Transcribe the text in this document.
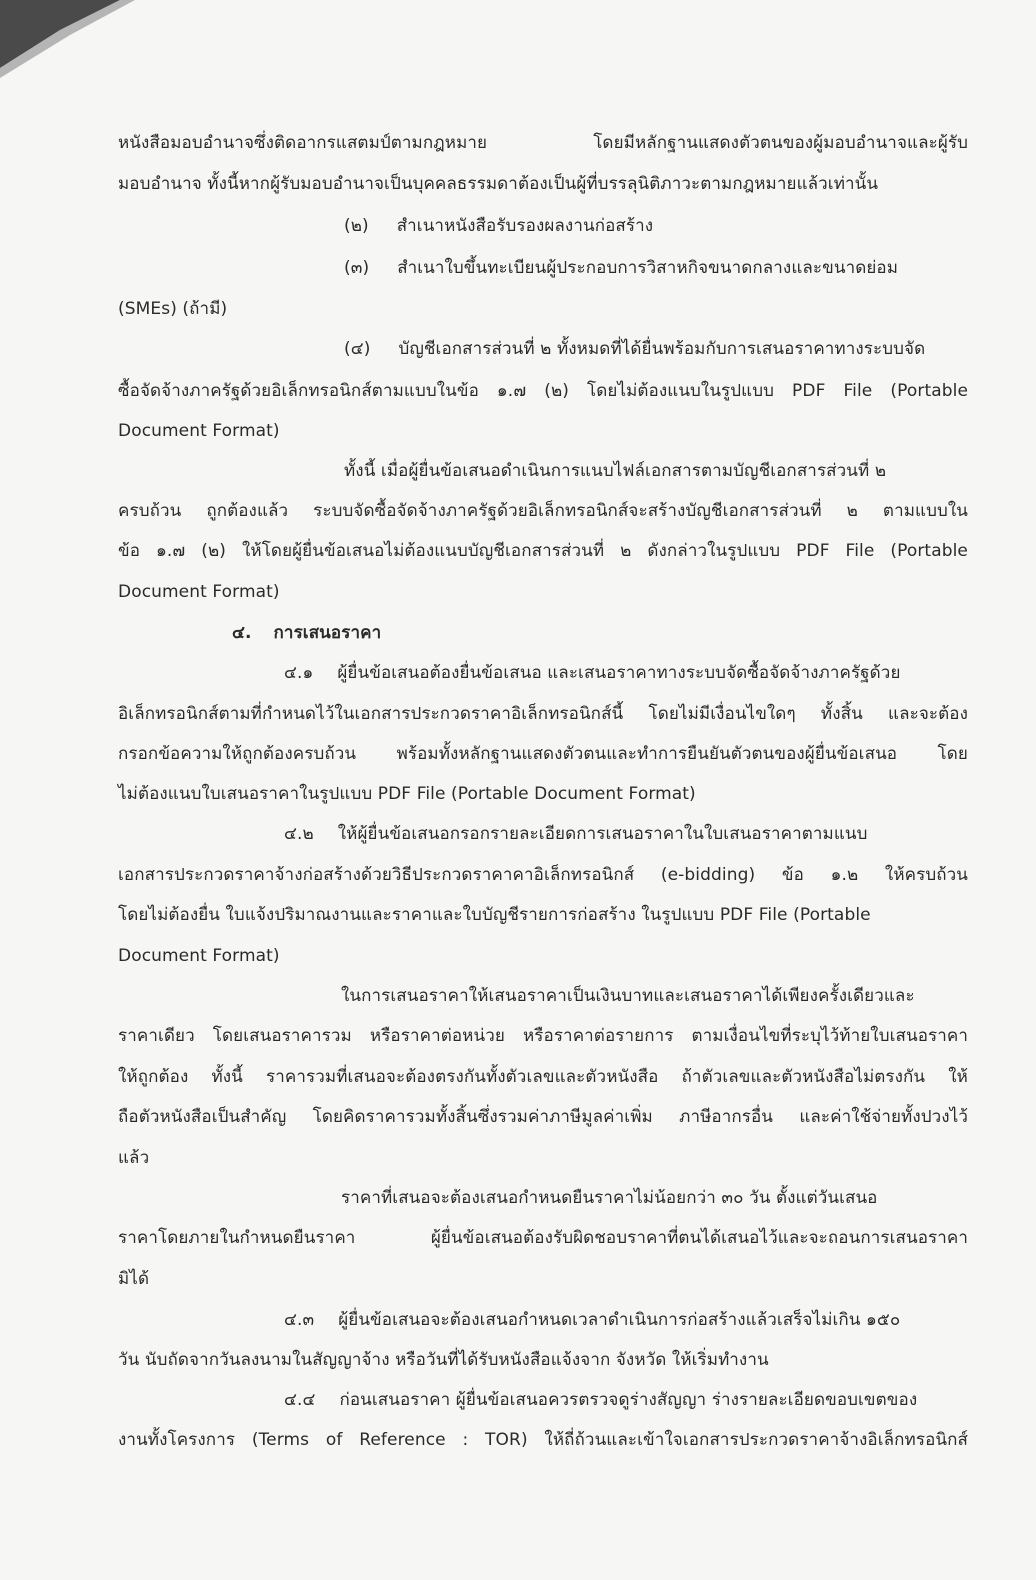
หนังสือมอบอำนาจซึ่งติดอากรแสตมป์ตามกฎหมาย โดยมีหลักฐานแสดงตัวตนของผู้มอบอำนาจและผู้รับ
มอบอำนาจ ทั้งนี้หากผู้รับมอบอำนาจเป็นบุคคลธรรมดาต้องเป็นผู้ที่บรรลุนิติภาวะตามกฎหมายแล้วเท่านั้น
(๒) สำเนาหนังสือรับรองผลงานก่อสร้าง
(๓) สำเนาใบขึ้นทะเบียนผู้ประกอบการวิสาหกิจขนาดกลางและขนาดย่อม
(SMEs) (ถ้ามี)
(๔) บัญชีเอกสารส่วนที่ ๒ ทั้งหมดที่ได้ยื่นพร้อมกับการเสนอราคาทางระบบจัด
ซื้อจัดจ้างภาครัฐด้วยอิเล็กทรอนิกส์ตามแบบในข้อ ๑.๗ (๒) โดยไม่ต้องแนบในรูปแบบ PDF File (Portable
Document Format)
ทั้งนี้ เมื่อผู้ยื่นข้อเสนอดำเนินการแนบไฟล์เอกสารตามบัญชีเอกสารส่วนที่ ๒
ครบถ้วน ถูกต้องแล้ว ระบบจัดซื้อจัดจ้างภาครัฐด้วยอิเล็กทรอนิกส์จะสร้างบัญชีเอกสารส่วนที่ ๒ ตามแบบใน
ข้อ ๑.๗ (๒) ให้โดยผู้ยื่นข้อเสนอไม่ต้องแนบบัญชีเอกสารส่วนที่ ๒ ดังกล่าวในรูปแบบ PDF File (Portable
Document Format)
๔. การเสนอราคา
๔.๑ ผู้ยื่นข้อเสนอต้องยื่นข้อเสนอ และเสนอราคาทางระบบจัดซื้อจัดจ้างภาครัฐด้วย
อิเล็กทรอนิกส์ตามที่กำหนดไว้ในเอกสารประกวดราคาอิเล็กทรอนิกส์นี้ โดยไม่มีเงื่อนไขใดๆ ทั้งสิ้น และจะต้อง
กรอกข้อความให้ถูกต้องครบถ้วน พร้อมทั้งหลักฐานแสดงตัวตนและทำการยืนยันตัวตนของผู้ยื่นข้อเสนอ โดย
ไม่ต้องแนบใบเสนอราคาในรูปแบบ PDF File (Portable Document Format)
๔.๒ ให้ผู้ยื่นข้อเสนอกรอกรายละเอียดการเสนอราคาในใบเสนอราคาตามแนบ
เอกสารประกวดราคาจ้างก่อสร้างด้วยวิธีประกวดราคาคาอิเล็กทรอนิกส์ (e-bidding) ข้อ ๑.๒ ให้ครบถ้วน
โดยไม่ต้องยื่น ใบแจ้งปริมาณงานและราคาและใบบัญชีรายการก่อสร้าง ในรูปแบบ PDF File (Portable
Document Format)
ในการเสนอราคาให้เสนอราคาเป็นเงินบาทและเสนอราคาได้เพียงครั้งเดียวและ
ราคาเดียว โดยเสนอราคารวม หรือราคาต่อหน่วย หรือราคาต่อรายการ ตามเงื่อนไขที่ระบุไว้ท้ายใบเสนอราคา
ให้ถูกต้อง ทั้งนี้ ราคารวมที่เสนอจะต้องตรงกันทั้งตัวเลขและตัวหนังสือ ถ้าตัวเลขและตัวหนังสือไม่ตรงกัน ให้
ถือตัวหนังสือเป็นสำคัญ โดยคิดราคารวมทั้งสิ้นซึ่งรวมค่าภาษีมูลค่าเพิ่ม ภาษีอากรอื่น และค่าใช้จ่ายทั้งปวงไว้
แล้ว
ราคาที่เสนอจะต้องเสนอกำหนดยืนราคาไม่น้อยกว่า ๓๐ วัน ตั้งแต่วันเสนอ
ราคาโดยภายในกำหนดยืนราคา ผู้ยื่นข้อเสนอต้องรับผิดชอบราคาที่ตนได้เสนอไว้และจะถอนการเสนอราคา
มิได้
๔.๓ ผู้ยื่นข้อเสนอจะต้องเสนอกำหนดเวลาดำเนินการก่อสร้างแล้วเสร็จไม่เกิน ๑๕๐
วัน นับถัดจากวันลงนามในสัญญาจ้าง หรือวันที่ได้รับหนังสือแจ้งจาก จังหวัด ให้เริ่มทำงาน
๔.๔ ก่อนเสนอราคา ผู้ยื่นข้อเสนอควรตรวจดูร่างสัญญา ร่างรายละเอียดขอบเขตของ
งานทั้งโครงการ (Terms of Reference : TOR) ให้ถี่ถ้วนและเข้าใจเอกสารประกวดราคาจ้างอิเล็กทรอนิกส์
